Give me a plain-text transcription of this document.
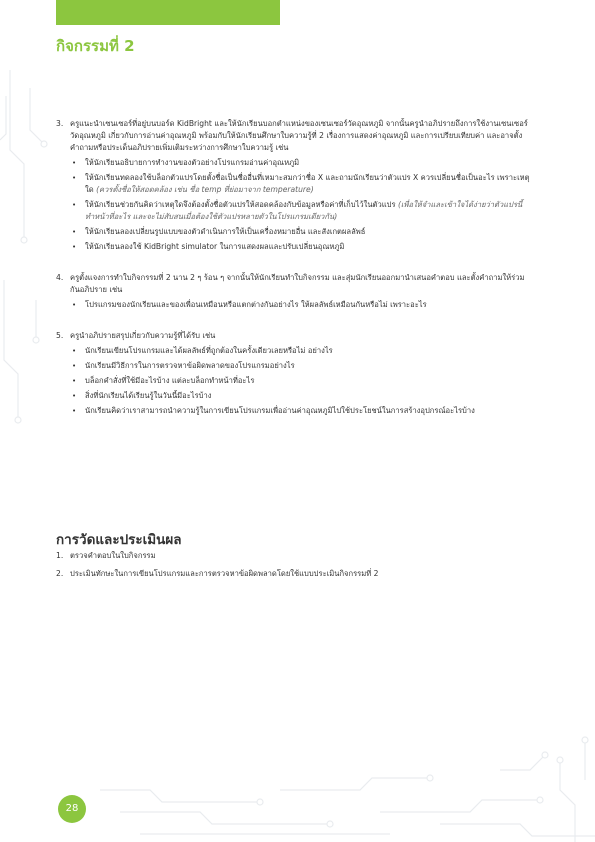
กิจกรรมที่ 2
3. ครูแนะนำเซนเซอร์ที่อยู่บนบอร์ด KidBright และให้นักเรียนบอกตำแหน่งของเซนเซอร์วัดอุณหภูมิ จากนั้นครูนำอภิปรายถึงการใช้งานเซนเซอร์วัดอุณหภูมิ เกี่ยวกับการอ่านค่าอุณหภูมิ พร้อมกับให้นักเรียนศึกษาใบความรู้ที่ 2 เรื่องการแสดงค่าอุณหภูมิ และการเปรียบเทียบค่า และอาจตั้งคำถามหรือประเด็นอภิปรายเพิ่มเติมระหว่างการศึกษาใบความรู้ เช่น

• ให้นักเรียนอธิบายการทำงานของตัวอย่างโปรแกรมอ่านค่าอุณหภูมิ
• ให้นักเรียนทดลองใช้บล็อกตัวแปรโดยตั้งชื่อเป็นชื่ออื่นที่เหมาะสมกว่าชื่อ X และถามนักเรียนว่าตัวแปร X ควรเปลี่ยนชื่อเป็นอะไร เพราะเหตุใด (ควรตั้งชื่อให้สอดคล้อง เช่น ชื่อ temp ที่ย่อมาจาก temperature)
• ให้นักเรียนช่วยกันคิดว่าเหตุใดจึงต้องตั้งชื่อตัวแปรให้สอดคล้องกับข้อมูลหรือค่าที่เก็บไว้ในตัวแปร (เพื่อให้จำและเข้าใจได้ง่ายว่าตัวแปรนี้ทำหน้าที่อะไร และจะไม่สับสนเมื่อต้องใช้ตัวแปรหลายตัวในโปรแกรมเดียวกัน)
• ให้นักเรียนลองเปลี่ยนรูปแบบของตัวดำเนินการให้เป็นเครื่องหมายอื่น และสังเกตผลลัพธ์
• ให้นักเรียนลองใช้ KidBright simulator ในการแสดงผลและปรับเปลี่ยนอุณหภูมิ
4. ครูตั้งแจงการทำใบกิจกรรมที่ 2 นาน 2 ๆ ร้อน ๆ จากนั้นให้นักเรียนทำใบกิจกรรม และสุ่มนักเรียนออกมานำเสนอคำตอบ และตั้งคำถามให้ร่วมกันอภิปราย เช่น

• โปรแกรมของนักเรียนและของเพื่อนเหมือนหรือแตกต่างกันอย่างไร ให้ผลลัพธ์เหมือนกันหรือไม่ เพราะอะไร
5. ครูนำอภิปรายสรุปเกี่ยวกับความรู้ที่ได้รับ เช่น

• นักเรียนเขียนโปรแกรมและได้ผลลัพธ์ที่ถูกต้องในครั้งเดียวเลยหรือไม่ อย่างไร
• นักเรียนมีวิธีการในการตรวจหาข้อผิดพลาดของโปรแกรมอย่างไร
• บล็อกคำสั่งที่ใช้มีอะไรบ้าง แต่ละบล็อกทำหน้าที่อะไร
• สิ่งที่นักเรียนได้เรียนรู้ในวันนี้มีอะไรบ้าง
• นักเรียนคิดว่าเราสามารถนำความรู้ในการเขียนโปรแกรมเพื่ออ่านค่าอุณหภูมิไปใช้ประโยชน์ในการสร้างอุปกรณ์อะไรบ้าง
การวัดและประเมินผล
1. ตรวจคำตอบในใบกิจกรรม
2. ประเมินทักษะในการเขียนโปรแกรมและการตรวจหาข้อผิดพลาดโดยใช้แบบประเมินกิจกรรมที่ 2
28
